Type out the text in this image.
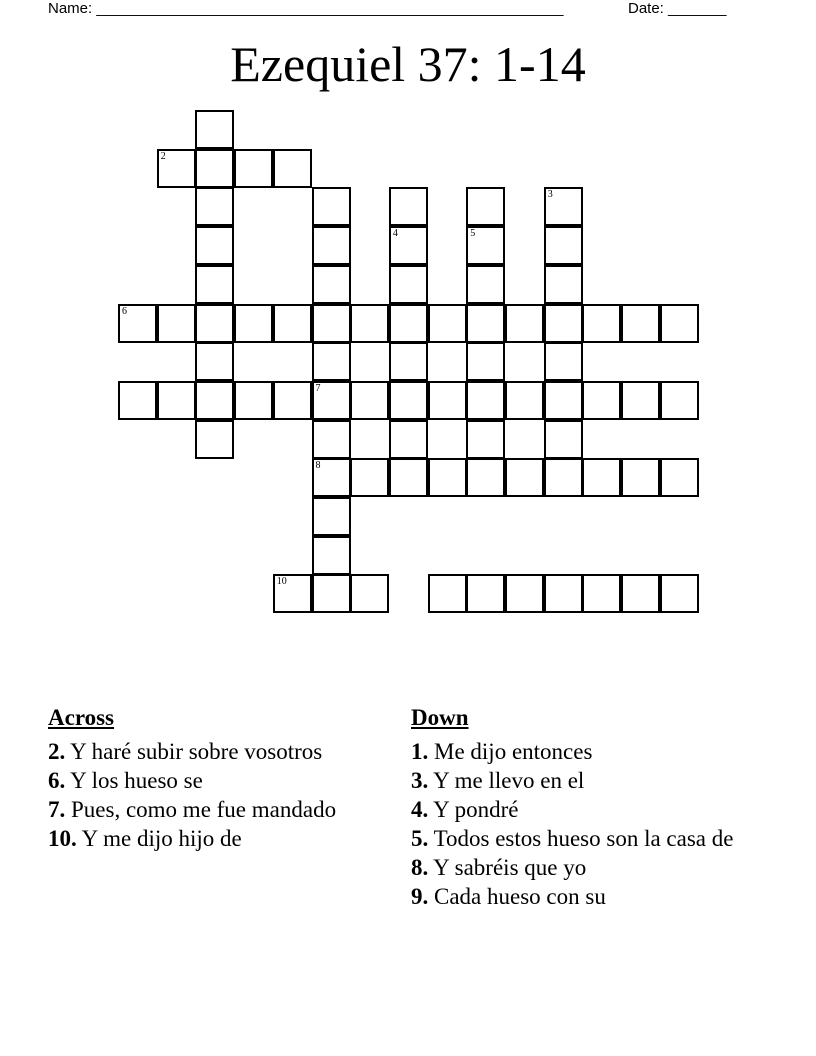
Name: ________________________________________________________	Date: _______
Ezequiel 37: 1-14
2
7
8
4	5
3
6
10
Across

2. Y haré subir sobre vosotros

6. Y los hueso se

7. Pues, como me fue mandado

10. Y me dijo hijo de

Down

1. Me dijo entonces

3. Y me llevo en el

4. Y pondré

5. Todos estos hueso son la casa de

8. Y sabréis que yo

9. Cada hueso con su
